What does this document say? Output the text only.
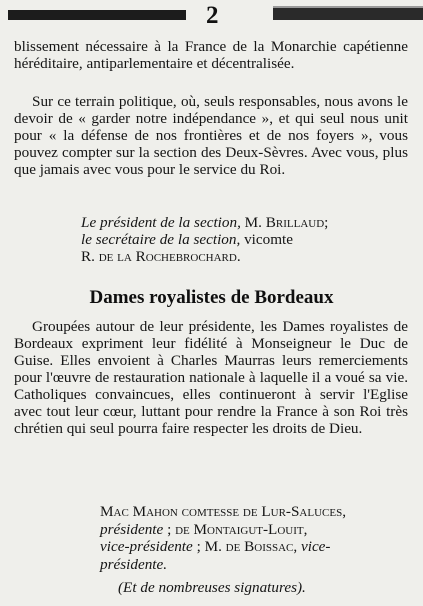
2

blissement nécessaire à la France de la Monarchie capétienne héréditaire, antiparlementaire et décentralisée.

Sur ce terrain politique, où, seuls responsables, nous avons le devoir de « garder notre indépendance », et qui seul nous unit pour « la défense de nos frontières et de nos foyers », vous pouvez compter sur la section des Deux-Sèvres. Avec vous, plus que jamais avec vous pour le service du Roi.

Le président de la section, M. Brillaud;

le secrétaire de la section, vicomte

R. de la Rochebrochard.

Dames royalistes de Bordeaux

Groupées autour de leur présidente, les Dames royalistes de Bordeaux expriment leur fidélité à Monseigneur le Duc de Guise. Elles envoient à Charles Maurras leurs remerciements pour l'œuvre de restauration nationale à laquelle il a voué sa vie. Catholiques convaincues, elles continueront à servir l'Eglise avec tout leur cœur, luttant pour rendre la France à son Roi très chrétien qui seul pourra faire respecter les droits de Dieu.

Mac Mahon comtesse de Lur-Saluces,

présidente ; de Montaigut-Louit,

vice-présidente ; M. de Boissac, vice-

présidente.

(Et de nombreuses signatures).
